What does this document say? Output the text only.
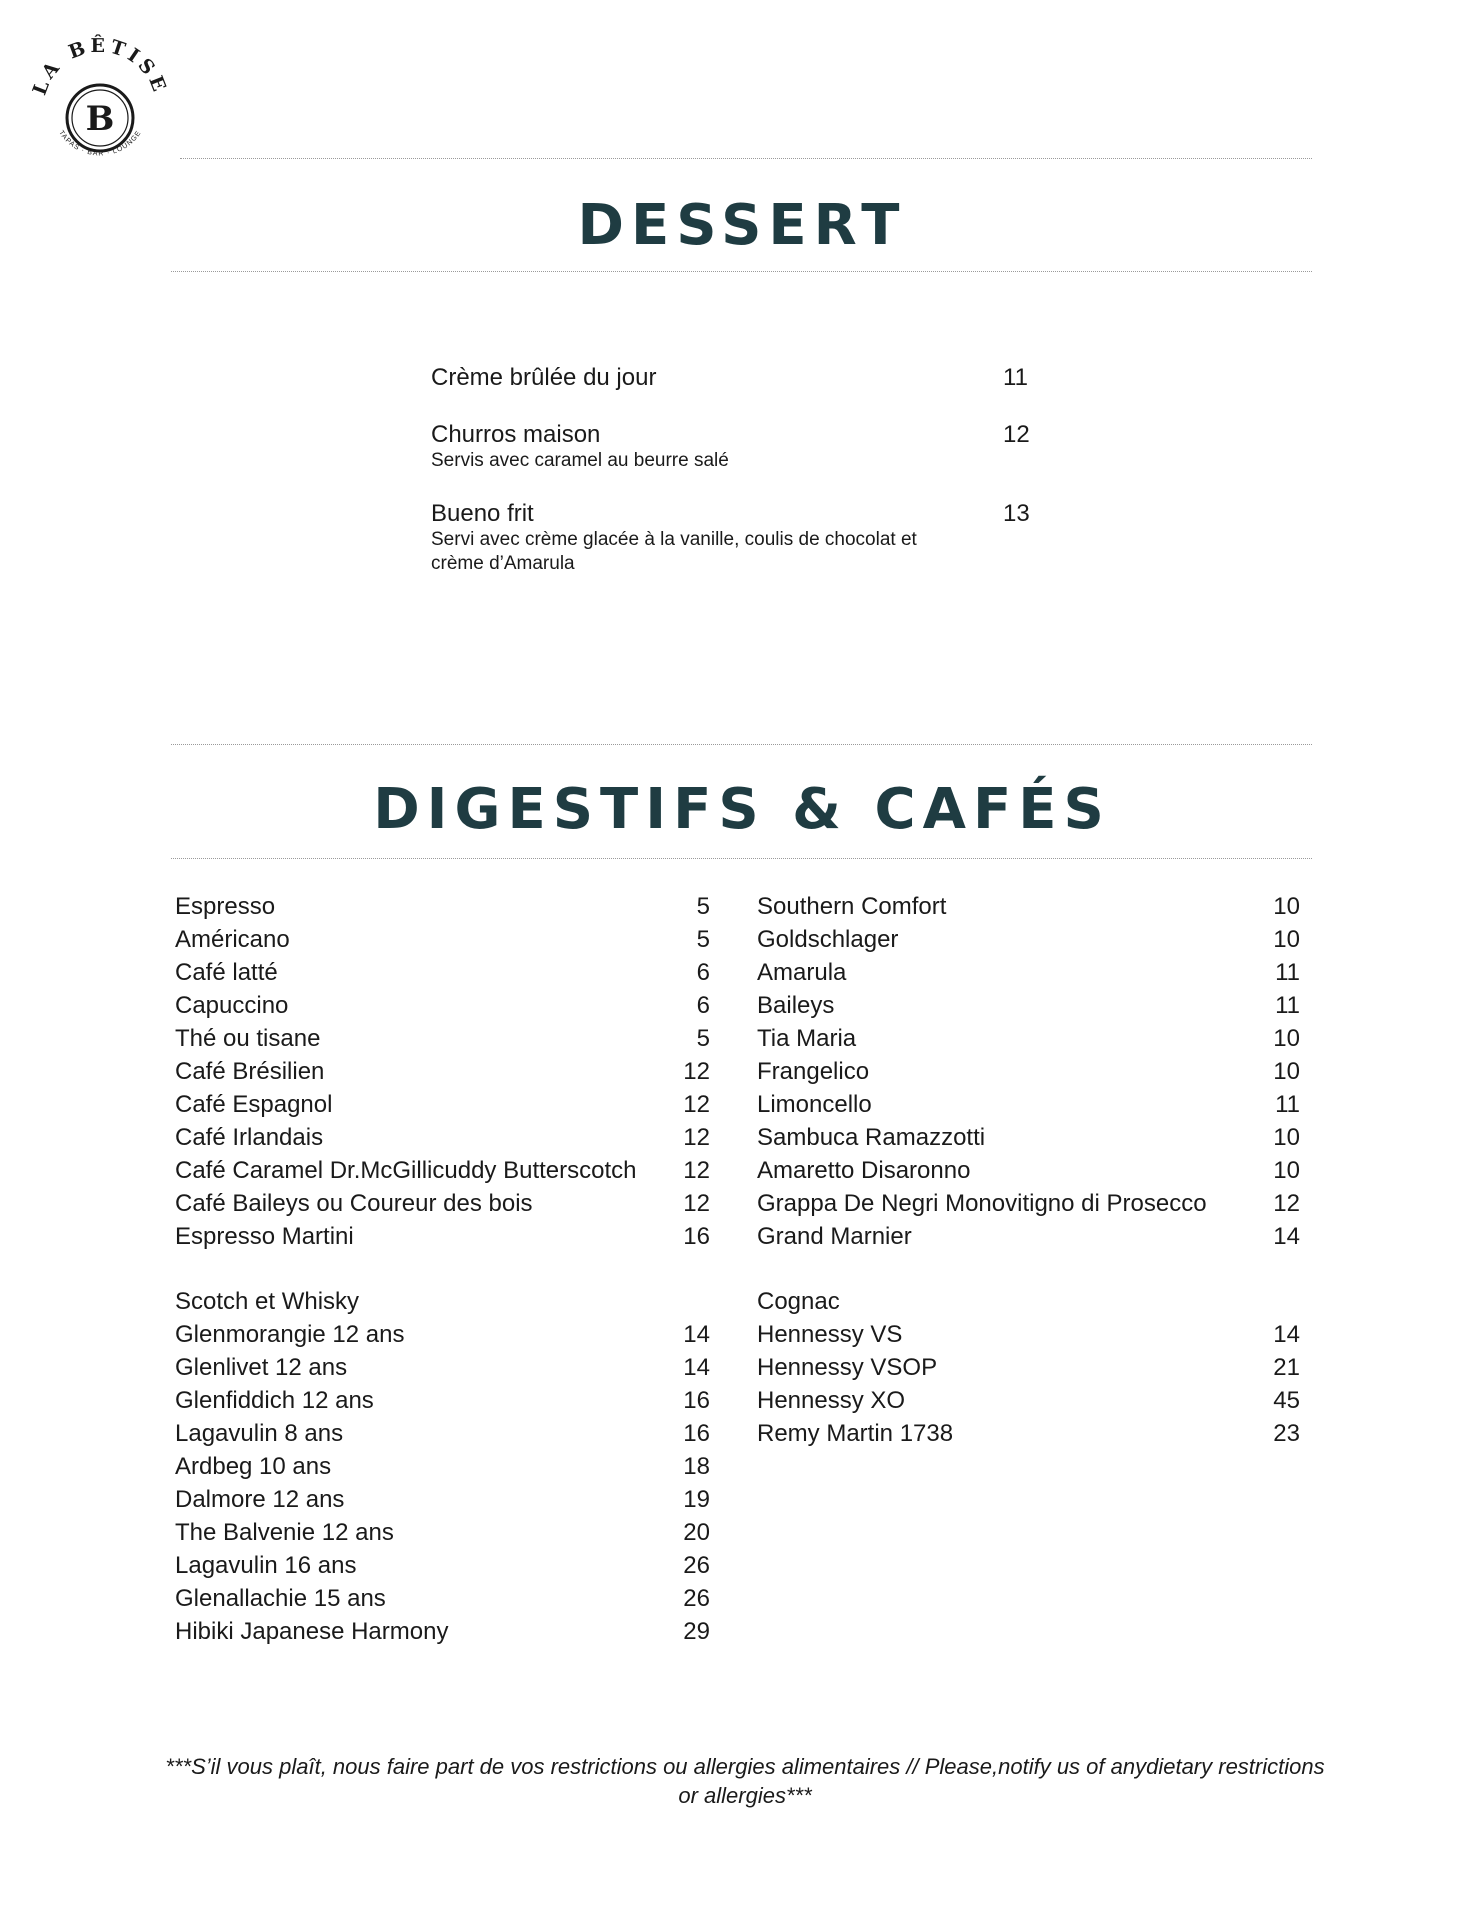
LA BÊTISE
B
TAPAS · BAR · LOUNGE
DESSERT
Crème brûlée du jour	11
Churros maison	12
Servis avec caramel au beurre salé
Bueno frit	13
Servi avec crème glacée à la vanille, coulis de chocolat et crème d’Amarula
DIGESTIFS & CAFÉS
Espresso	5
Américano	5
Café latté	6
Capuccino	6
Thé ou tisane	5
Café Brésilien	12
Café Espagnol	12
Café Irlandais	12
Café Caramel Dr.McGillicuddy Butterscotch 12
Café Baileys ou Coureur des bois	12
Espresso Martini	16
Southern Comfort	10
Goldschlager	10
Amarula	11
Baileys	11
Tia Maria	10
Frangelico	10
Limoncello	11
Sambuca Ramazzotti	10
Amaretto Disaronno	10
Grappa De Negri Monovitigno di Prosecco	12
Grand Marnier	14
Scotch et Whisky
Glenmorangie 12 ans	14
Glenlivet 12 ans	14
Glenfiddich 12 ans	16
Lagavulin 8 ans	16
Ardbeg 10 ans	18
Dalmore 12 ans	19
The Balvenie 12 ans	20
Lagavulin 16 ans	26
Glenallachie 15 ans	26
Hibiki Japanese Harmony	29
Cognac
Hennessy VS	14
Hennessy VSOP	21
Hennessy XO	45
Remy Martin 1738	23
***S’il vous plaît, nous faire part de vos restrictions ou allergies alimentaires // Please,notify us of anydietary restrictions or allergies***
